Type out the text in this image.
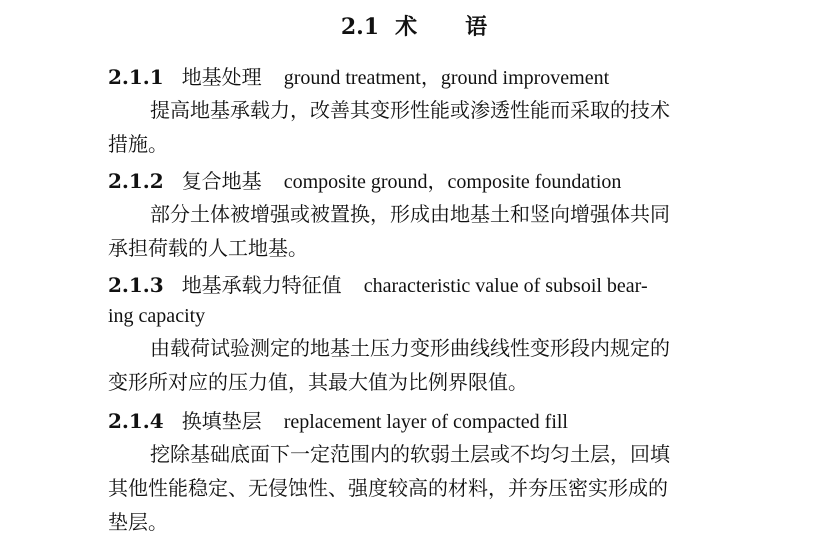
2.1 术 语
2.1.1 地基处理 ground treatment，ground improvement
提高地基承载力，改善其变形性能或渗透性能而采取的技术
措施。
2.1.2 复合地基 composite ground，composite foundation
部分土体被增强或被置换，形成由地基土和竖向增强体共同
承担荷载的人工地基。
2.1.3 地基承载力特征值 characteristic value of subsoil bear-
ing capacity
由载荷试验测定的地基土压力变形曲线线性变形段内规定的
变形所对应的压力值，其最大值为比例界限值。
2.1.4 换填垫层 replacement layer of compacted fill
挖除基础底面下一定范围内的软弱土层或不均匀土层，回填
其他性能稳定、无侵蚀性、强度较高的材料，并夯压密实形成的
垫层。
